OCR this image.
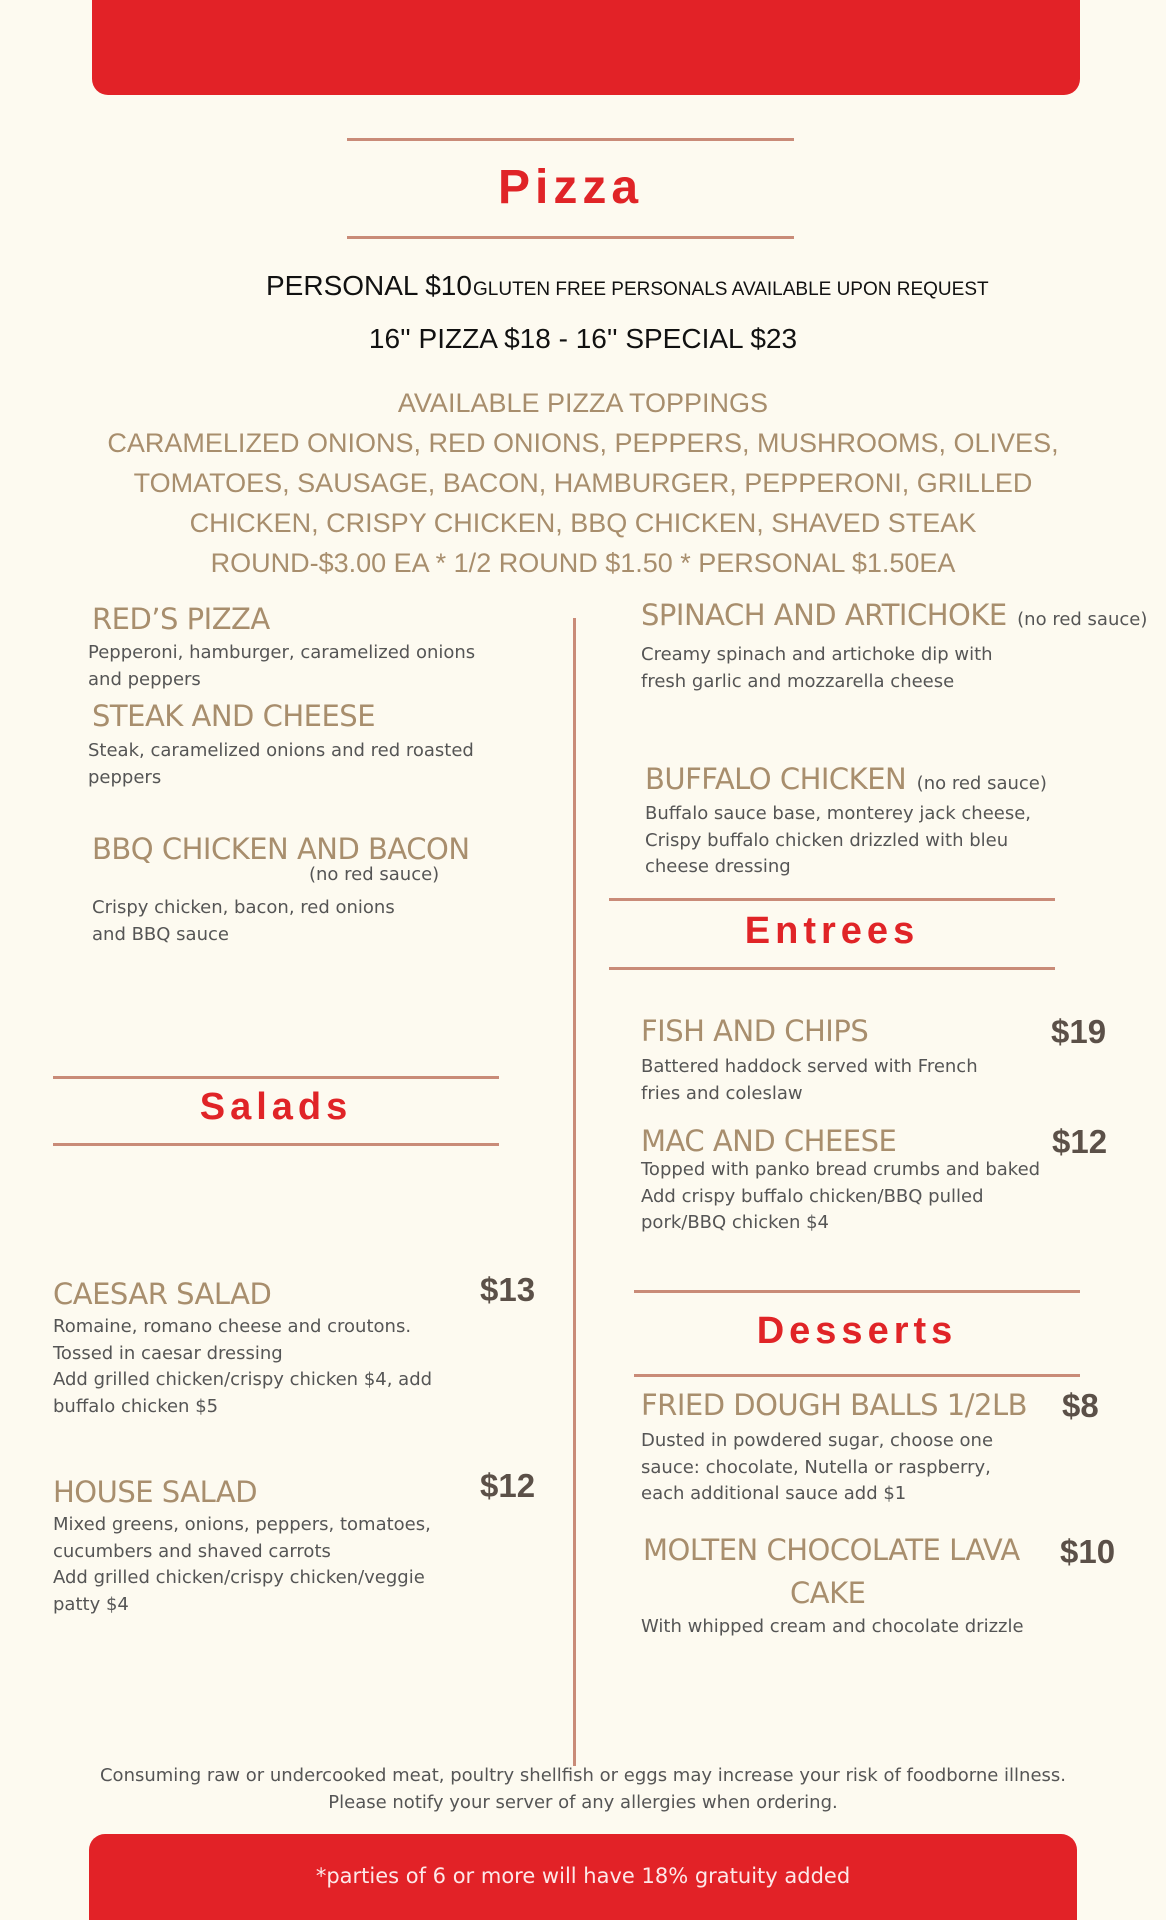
Pizza
PERSONAL $10 GLUTEN FREE PERSONALS AVAILABLE UPON REQUEST
16'' PIZZA $18 - 16'' SPECIAL $23
AVAILABLE PIZZA TOPPINGS
CARAMELIZED ONIONS, RED ONIONS, PEPPERS, MUSHROOMS, OLIVES,
TOMATOES, SAUSAGE, BACON, HAMBURGER, PEPPERONI, GRILLED
CHICKEN, CRISPY CHICKEN, BBQ CHICKEN, SHAVED STEAK
ROUND-$3.00 EA * 1/2 ROUND $1.50 * PERSONAL $1.50EA
RED’S PIZZA
Pepperoni, hamburger, caramelized onions
and peppers
STEAK AND CHEESE
Steak, caramelized onions and red roasted
peppers
BBQ CHICKEN AND BACON
(no red sauce)
Crispy chicken, bacon, red onions
and BBQ sauce
SPINACH AND ARTICHOKE (no red sauce)
Creamy spinach and artichoke dip with
fresh garlic and mozzarella cheese
BUFFALO CHICKEN (no red sauce)
Buffalo sauce base, monterey jack cheese,
Crispy buffalo chicken drizzled with bleu
cheese dressing
Entrees
FISH AND CHIPS	$19
Battered haddock served with French
fries and coleslaw
MAC AND CHEESE	$12
Topped with panko bread crumbs and baked
Add crispy buffalo chicken/BBQ pulled
pork/BBQ chicken $4
Salads
CAESAR SALAD	$13
Romaine, romano cheese and croutons.
Tossed in caesar dressing
Add grilled chicken/crispy chicken $4, add
buffalo chicken $5
HOUSE SALAD	$12
Mixed greens, onions, peppers, tomatoes,
cucumbers and shaved carrots
Add grilled chicken/crispy chicken/veggie
patty $4
Desserts
FRIED DOUGH BALLS 1/2LB $8
Dusted in powdered sugar, choose one
sauce: chocolate, Nutella or raspberry,
each additional sauce add $1
MOLTEN CHOCOLATE LAVA
CAKE
$10
With whipped cream and chocolate drizzle
Consuming raw or undercooked meat, poultry shellfish or eggs may increase your risk of foodborne illness.
Please notify your server of any allergies when ordering.
*parties of 6 or more will have 18% gratuity added
